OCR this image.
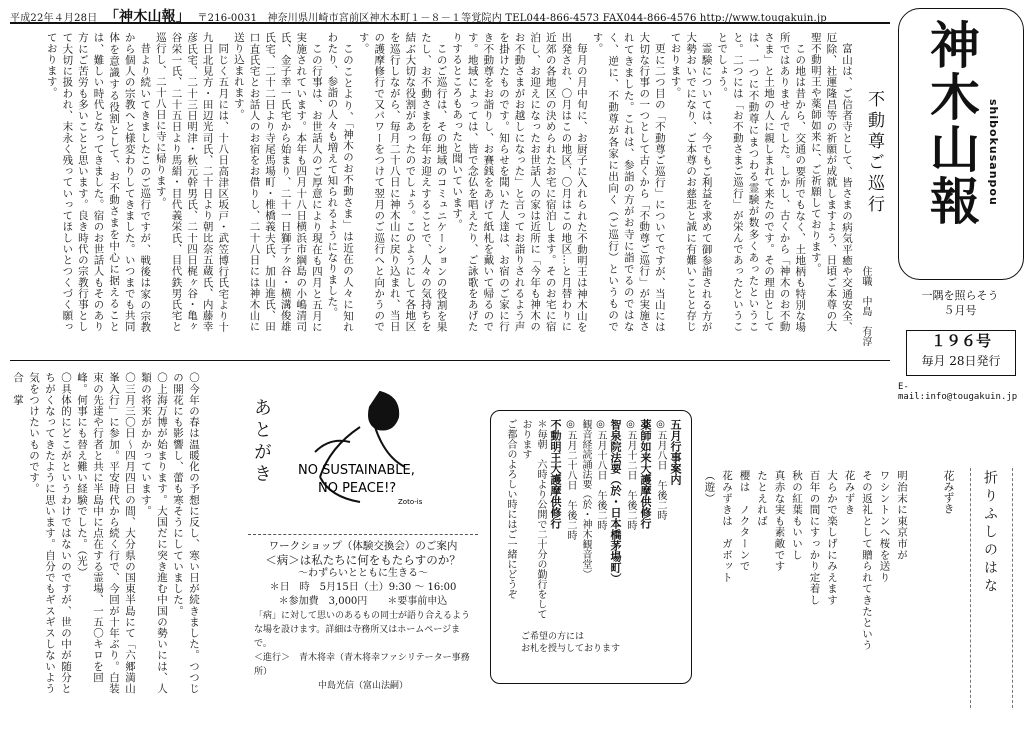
平成22年４月28日 「神木山報」 〒216-0031　神奈川県川崎市宮前区神木本町１－８－１等覚院内 TEL044-866-4573 FAX044-866-4576 http://www.tougakuin.jp
神木山報 shibokusanpou
一隅を照らそう
５月号
１９６号
毎月 28日発行
E-mail:info@tougakuin.jp
不動尊ご巡行
住職　中島　有淳

富山は、ご信者寺として、皆さまの病気平癒や交通安全、厄除、社運隆昌等の祈願が成就しますよう、日頃ご本尊の大聖不動明王や薬師如来に、ご祈願しております。

この地は昔から、交通の要所でもなく、土地柄も特別な場所ではありませんでした。しかし、古くから「神木のお不動さま」と土地の人に親しまれて来たのです。その理由としては、一つに不動尊にまつわる霊験が数多くあったということ。二つには「お不動さまご巡行」が栄んであったということでしょう。

霊験については、今でもご利益を求めて御参詣される方が大勢おいでになり、ご本尊のお慈悲と誠に有難いことと存じております。

更に二つ目の「不動尊ご巡行」についてですが、当山には大切な行事の一つとして古くから「不動尊ご巡行」が実施されてきました。これは、参詣の方がお寺に詣でるのではなく、逆に、不動尊が各家に出向く（ご巡行）というものです。

毎月の月中旬に、お厨子に入れられた不動明王は神木山を出発され、〇月はこの地区、〇月はこの地区…と月替わりに近郊の各地区の決められたお宅に宿泊します。そのお宅に宿泊し、お迎えになったお世話人の家は近所に「今年も神木のお不動さまがお越しになった」と言ってお詣りされるよう声を掛けたものです。知らせを聞いた人達は、お宿のご家に行き不動尊をお詣りし、お賽銭をあげて紙札を戴いて帰るのです。地域によっては、皆で念仏を唱えたり、ご詠歌をあげたりするところもあったと聞いています。

このご巡行は、その地域のコミュニケーションの役割を果たし、お不動さまを毎年お迎えすることで、人々の気持ちを結ぶ大切な役割があったのでしょう。このようにして各地区を巡行しながら、毎月二十八日に神木山に戻り込まれ、当日の護摩修行で又パワーをつけて翌月のご巡行へと向かうのです。

このことより、「神木のお不動さま」は近在の人々に知れわたり、参詣の人々も増えて知られるようになりました。

この行事は、お世話人のご厚意により現在も四月と五月に実施されています。本年も四月十八日横浜市綱島の小嶋清司氏、金子幸一氏宅から始まり、二十一日獅子ヶ谷・横溝俊雄氏宅、二十二日より寺尾馬場町・椎橋義夫氏、加山進氏、田口直氏宅とお話人のお宿をお借りし、二十八日には神木山に送り込まれます。

同じく五月には、十八日高津区坂戸・武笠博行氏宅より十九日北見方・田辺光司氏、二十日より朝比奈五蔵氏、内藤幸彦氏宅、二十三日明津・秋元幹男氏、二十四日梶ヶ谷・亀ヶ谷栄一氏、二十五日より馬絹・目代義栄氏、目代鉄男氏宅と巡行し、二十八日に寺に帰ります。

昔より続いてきましたこのご巡行ですが、戦後は家の宗教から個人の宗教へと様変わりしてきました。いつまでも共同体を意識する役割として、お不動さまを中心に据えることは、難しい時代となってきました。宿のお世話人もそのあり方にご苦労も多いことと思います。良き時代の宗教行事として大切に扱われ、末永く残っていってほしいとつくづく願っております。

折りふしのはな
花みずき

明治末に東京市が

ワシントンへ桜を送り

その返礼として贈られてきたという

花みずき

大らかで楽しげにみえます

百年の間にすっかり定着し

秋の紅葉もいいし

真赤な実も素敵です

たとえれば

櫻は　ノクターンで

花みずきは　ガボット

（遊）

五月行事案内

◎五月八日　午後二時

薬師如来大護摩供修行

◎五月十二日　午後二時

智泉院法要（於・日本橋茅場町）

◎五月十八日　午後二時

観音経読誦法要（於・神木観音堂）

◎五月二十八日　午後二時

不動明王大護摩供修行

＊毎朝　六時より公開で二十分の勤行をしております

ご都合のよろしい時にはご一緒にどうぞ

ご希望の方には
お札を授与しております
NO SUSTAINABLE,
NO PEACE!?
Zoto-is
あとがき

〇今年の春は温暖化の予想に反し、寒い日が続きました。つつじの開花にも影響し、蕾も寒そうにしていました。

〇上海万博が始まります。大国だに突き進む中国の勢いには、人類の将来がかかっています。

〇三月三〇日～四月四日の間、大分県の国東半島にて「六郷満山峯入行」に参加。平安時代から続く行で、今回が十年ぶり。白装束の先達や行者と共に半島中に点在する霊場、一五〇キロを回峰。何事にも替え難い経験でした。（光）

〇具体的にどこがというわけではないのですが、世の中が随分とちがくなってきたように思います。自分でもギスギスしないよう気をつけたいものです。

合　掌

ワークショップ（体験交換会）のご案内
＜病＞は私たちに何をもたらすのか？
～わずらいとともに生きる～
＊日　時　5月15日（土）9:30 ～ 16:00
＊参加費　3,000円　　＊要事前申込
「病」に対して思いのあるもの同士が語り合えるような場を設けます。詳細は寺務所又はホームページまで。
＜進行＞　青木将幸（青木将幸ファシリテーター事務所）
中島光信（富山法嗣）
